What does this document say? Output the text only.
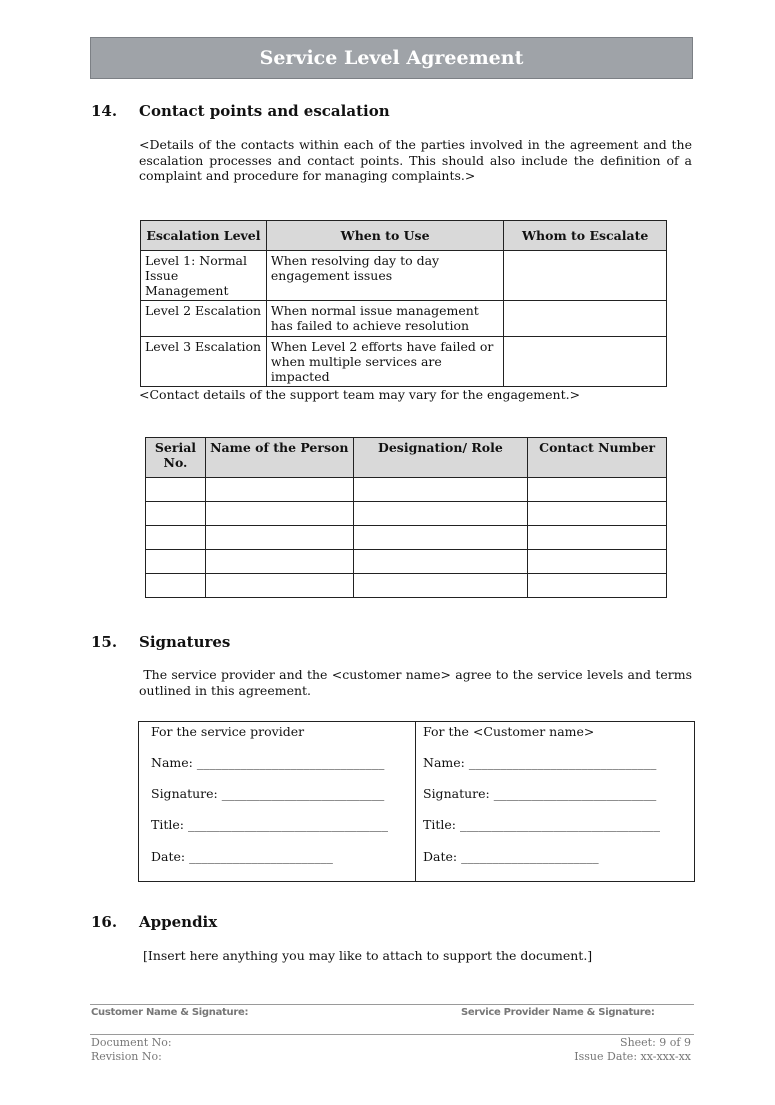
Service Level Agreement
14. Contact points and escalation

<Details of the contacts within each of the parties involved in the agreement and the escalation processes and contact points. This should also include the definition of a complaint and procedure for managing complaints.>

Escalation Level	When to Use	Whom to Escalate
Level 1: Normal Issue Management	When resolving day to day engagement issues	
Level 2 Escalation	When normal issue management has failed to achieve resolution	
Level 3 Escalation	When Level 2 efforts have failed or when multiple services are impacted	

<Contact details of the support team may vary for the engagement.>

Serial No.	Name of the Person	Designation/ Role	Contact Number

15. Signatures

The service provider and the <customer name> agree to the service levels and terms outlined in this agreement.

For the service provider
Name: ______________________________
Signature: __________________________
Title: ________________________________
Date: _______________________
For the <Customer name>
Name: ______________________________
Signature: __________________________
Title: ________________________________
Date: ______________________
16. Appendix

[Insert here anything you may like to attach to support the document.]

Customer Name & Signature:	Service Provider Name & Signature:
Document No:
Revision No:
Sheet: 9 of 9
Issue Date: xx-xxx-xx
